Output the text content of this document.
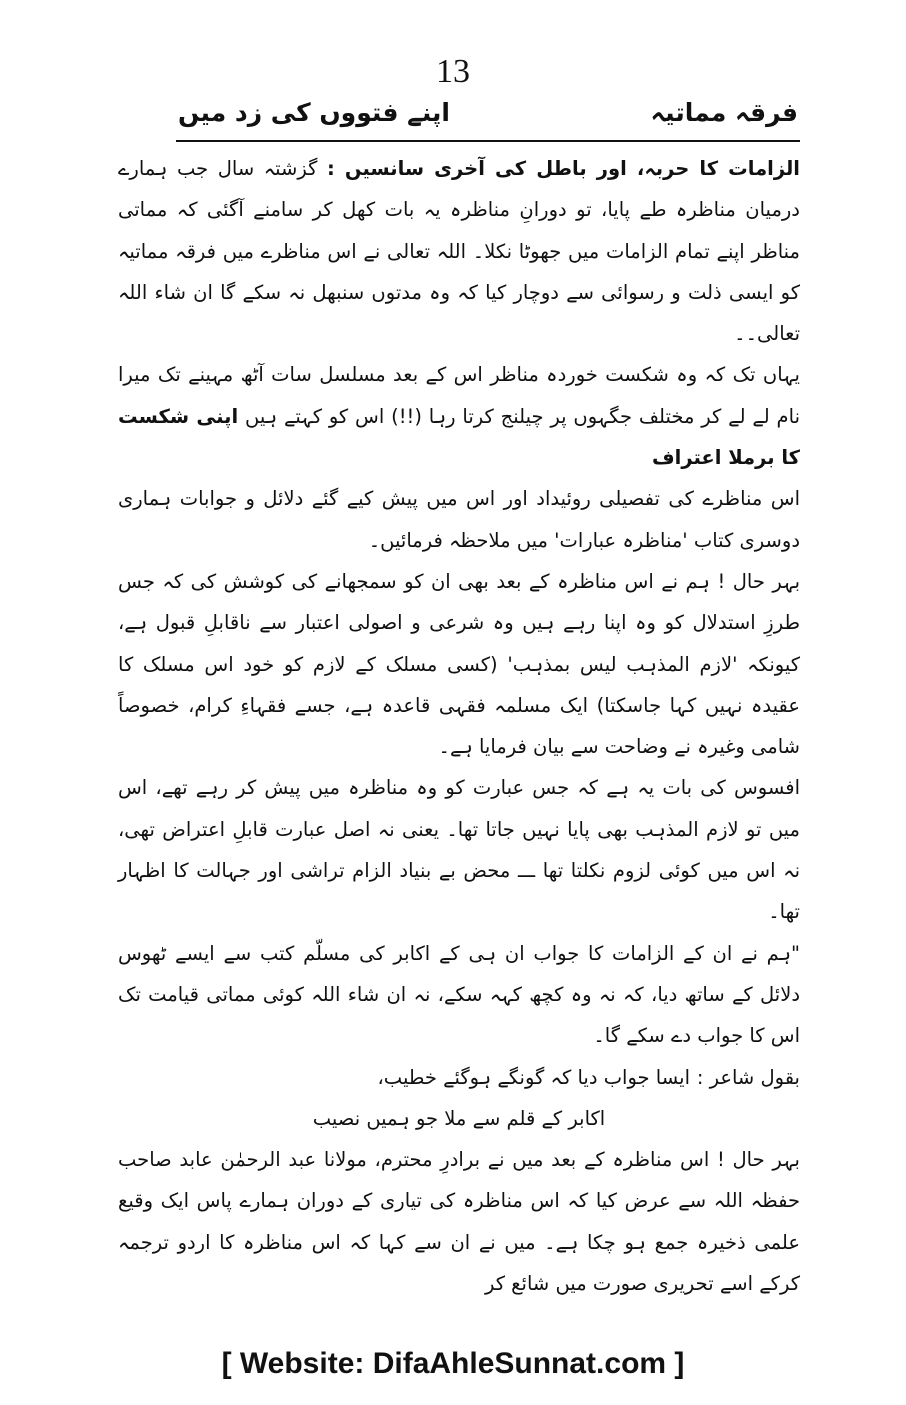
13
فرقہ مماتیہ
اپنے فتووں کی زد میں

الزامات کا حربہ، اور باطل کی آخری سانسیں : گزشتہ سال جب ہمارے درمیان مناظرہ طے پایا، تو دورانِ مناظرہ یہ بات کھل کر سامنے آگئی کہ مماتی مناظر اپنے تمام الزامات میں جھوٹا نکلا۔ اللہ تعالی نے اس مناظرے میں فرقہ مماتیہ کو ایسی ذلت و رسوائی سے دوچار کیا کہ وہ مدتوں سنبھل نہ سکے گا ان شاء اللہ تعالی۔۔

یہاں تک کہ وہ شکست خوردہ مناظر اس کے بعد مسلسل سات آٹھ مہینے تک میرا نام لے لے کر مختلف جگہوں پر چیلنج کرتا رہا (!!) اس کو کہتے ہیں اپنی شکست کا برملا اعتراف

اس مناظرے کی تفصیلی روئیداد اور اس میں پیش کیے گئے دلائل و جوابات ہماری دوسری کتاب 'مناظرہ عبارات' میں ملاحظہ فرمائیں۔

بہر حال ! ہم نے اس مناظرہ کے بعد بھی ان کو سمجھانے کی کوشش کی کہ جس طرزِ استدلال کو وہ اپنا رہے ہیں وہ شرعی و اصولی اعتبار سے ناقابلِ قبول ہے، کیونکہ 'لازم المذہب لیس بمذہب' (کسی مسلک کے لازم کو خود اس مسلک کا عقیدہ نہیں کہا جاسکتا) ایک مسلمہ فقہی قاعدہ ہے، جسے فقہاءِ کرام، خصوصاً شامی وغیرہ نے وضاحت سے بیان فرمایا ہے۔

افسوس کی بات یہ ہے کہ جس عبارت کو وہ مناظرہ میں پیش کر رہے تھے، اس میں تو لازم المذہب بھی پایا نہیں جاتا تھا۔ یعنی نہ اصل عبارت قابلِ اعتراض تھی، نہ اس میں کوئی لزوم نکلتا تھا ـــ محض بے بنیاد الزام تراشی اور جہالت کا اظہار تھا۔

"ہم نے ان کے الزامات کا جواب ان ہی کے اکابر کی مسلّم کتب سے ایسے ٹھوس دلائل کے ساتھ دیا، کہ نہ وہ کچھ کہہ سکے، نہ ان شاء اللہ کوئی مماتی قیامت تک اس کا جواب دے سکے گا۔

بقول شاعر :ایسا جواب دیا کہ گونگے ہوگئے خطیب،

اکابر کے قلم سے ملا جو ہمیں نصیب

بہر حال ! اس مناظرہ کے بعد میں نے برادرِ محترم، مولانا عبد الرحمٰن عابد صاحب حفظہ اللہ سے عرض کیا کہ اس مناظرہ کی تیاری کے دوران ہمارے پاس ایک وقیع علمی ذخیرہ جمع ہو چکا ہے۔ میں نے ان سے کہا کہ اس مناظرہ کا اردو ترجمہ کرکے اسے تحریری صورت میں شائع کر

[ Website: DifaAhleSunnat.com ]
